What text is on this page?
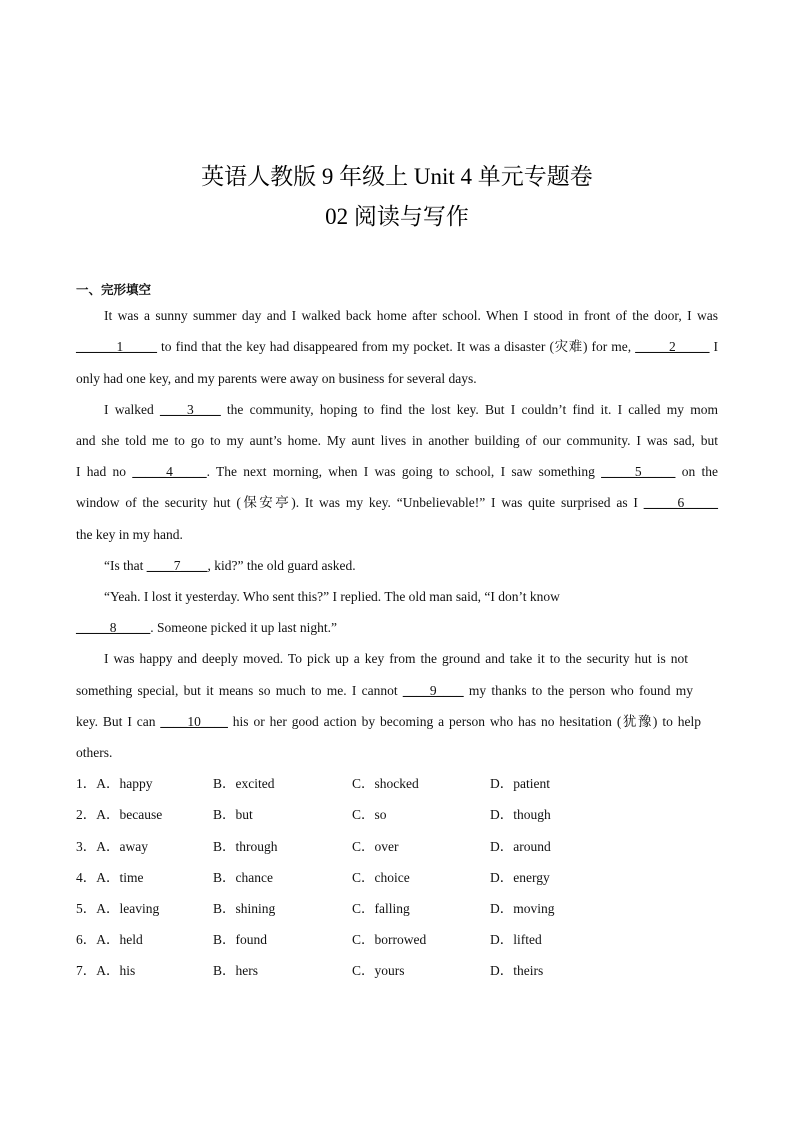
英语人教版 9 年级上 Unit 4 单元专题卷
02 阅读与写作
一、完形填空
It was a sunny summer day and I walked back home after school. When I stood in front of the door, I was
______1_____ to find that the key had disappeared from my pocket. It was a disaster (灾难) for me, _____2_____ I
only had one key, and my parents were away on business for several days.
I walked ____3____ the community, hoping to find the lost key. But I couldn’t find it. I called my mom
and she told me to go to my aunt’s home. My aunt lives in another building of our community. I was sad, but
I had no _____4_____. The next morning, when I was going to school, I saw something _____5_____ on the
window of the security hut (保安亭). It was my key. “Unbelievable!” I was quite surprised as I _____6_____
the key in my hand.
“Is that ____7____, kid?” the old guard asked.
“Yeah. I lost it yesterday. Who sent this?” I replied. The old man said, “I don’t know
_____8_____. Someone picked it up last night.”
I was happy and deeply moved. To pick up a key from the ground and take it to the security hut is not
something special, but it means so much to me. I cannot ____9____ my thanks to the person who found my
key. But I can ____10____ his or her good action by becoming a person who has no hesitation (犹豫) to help
others.
1．A．happy	B．excited	C．shocked	D．patient
2．A．because	B．but	C．so	D．though
3．A．away	B．through	C．over	D．around
4．A．time	B．chance	C．choice	D．energy
5．A．leaving	B．shining	C．falling	D．moving
6．A．held	B．found	C．borrowed	D．lifted
7．A．his	B．hers	C．yours	D．theirs
